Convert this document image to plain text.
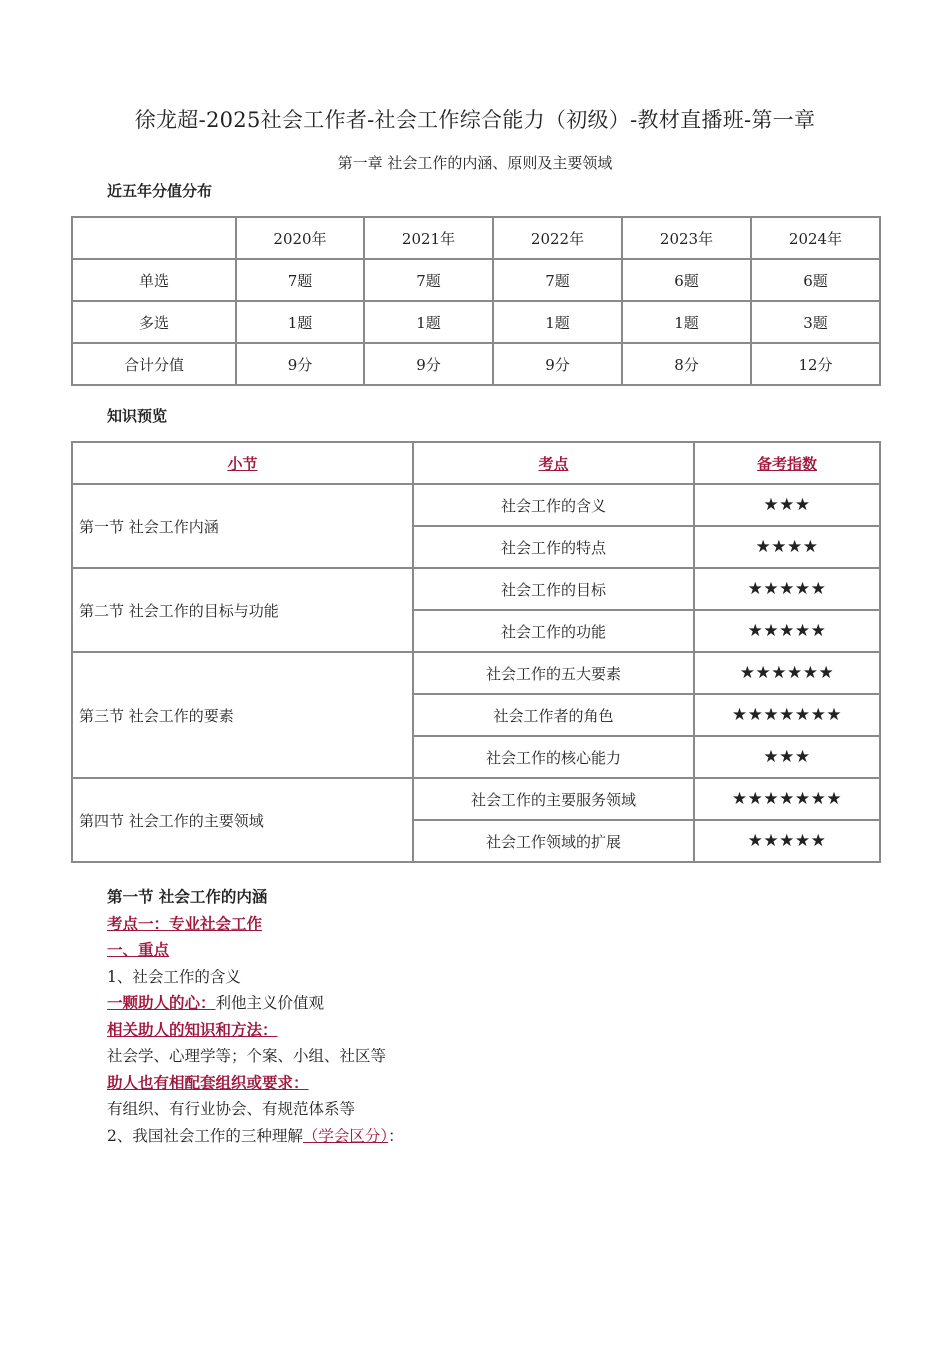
徐龙超-2025社会工作者-社会工作综合能力（初级）-教材直播班-第一章
第一章 社会工作的内涵、原则及主要领域
近五年分值分布
	2020年	2021年	2022年	2023年	2024年
单选	7题	7题	7题	6题	6题
多选	1题	1题	1题	1题	3题
合计分值	9分	9分	9分	8分	12分
知识预览
小节	考点	备考指数
第一节 社会工作内涵	社会工作的含义	★★★
	社会工作的特点	★★★★
第二节 社会工作的目标与功能	社会工作的目标	★★★★★
	社会工作的功能	★★★★★
第三节 社会工作的要素	社会工作的五大要素	★★★★★★
	社会工作者的角色	★★★★★★★
	社会工作的核心能力	★★★
第四节 社会工作的主要领域	社会工作的主要服务领域	★★★★★★★
	社会工作领域的扩展	★★★★★

第一节 社会工作的内涵

考点一：专业社会工作

一、重点

1、社会工作的含义

一颗助人的心：利他主义价值观

相关助人的知识和方法：

社会学、心理学等；个案、小组、社区等

助人也有相配套组织或要求：

有组织、有行业协会、有规范体系等

2、我国社会工作的三种理解（学会区分）：
